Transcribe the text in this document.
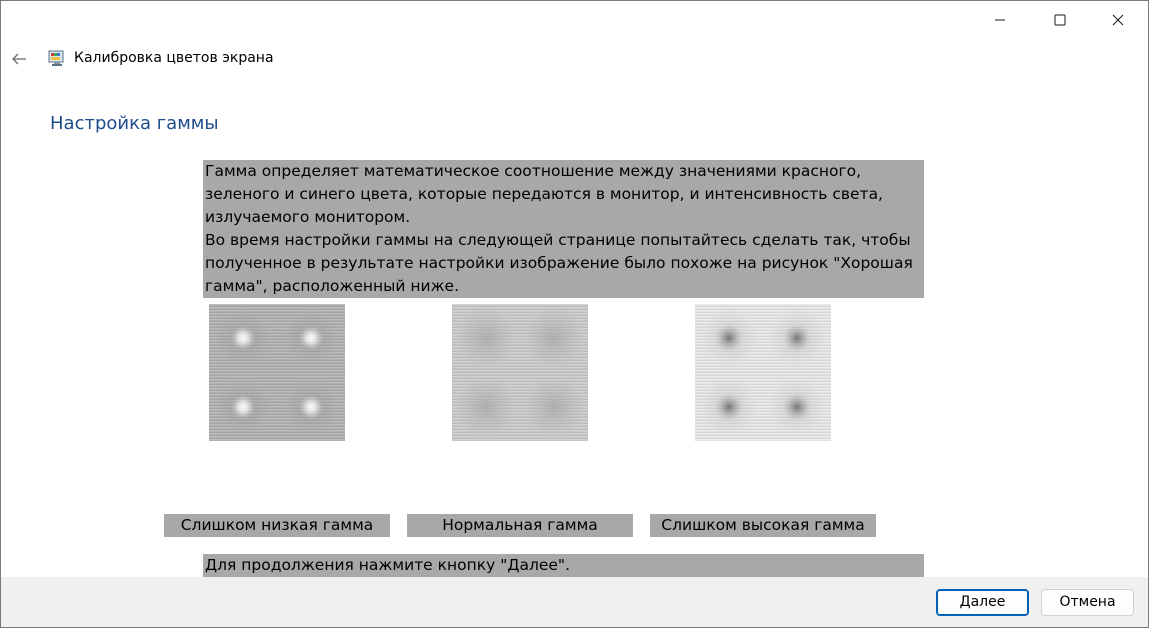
Калибровка цветов экрана
Настройка гаммы

Гамма определяет математическое соотношение между значениями красного, зеленого и синего цвета, которые передаются в монитор, и интенсивность света, излучаемого монитором.

Во время настройки гаммы на следующей странице попытайтесь сделать так, чтобы полученное в результате настройки изображение было похоже на рисунок "Хорошая гамма", расположенный ниже.

Слишком низкая гамма	Нормальная гамма	Слишком высокая гамма
Для продолжения нажмите кнопку "Далее".
Далее	Отмена
